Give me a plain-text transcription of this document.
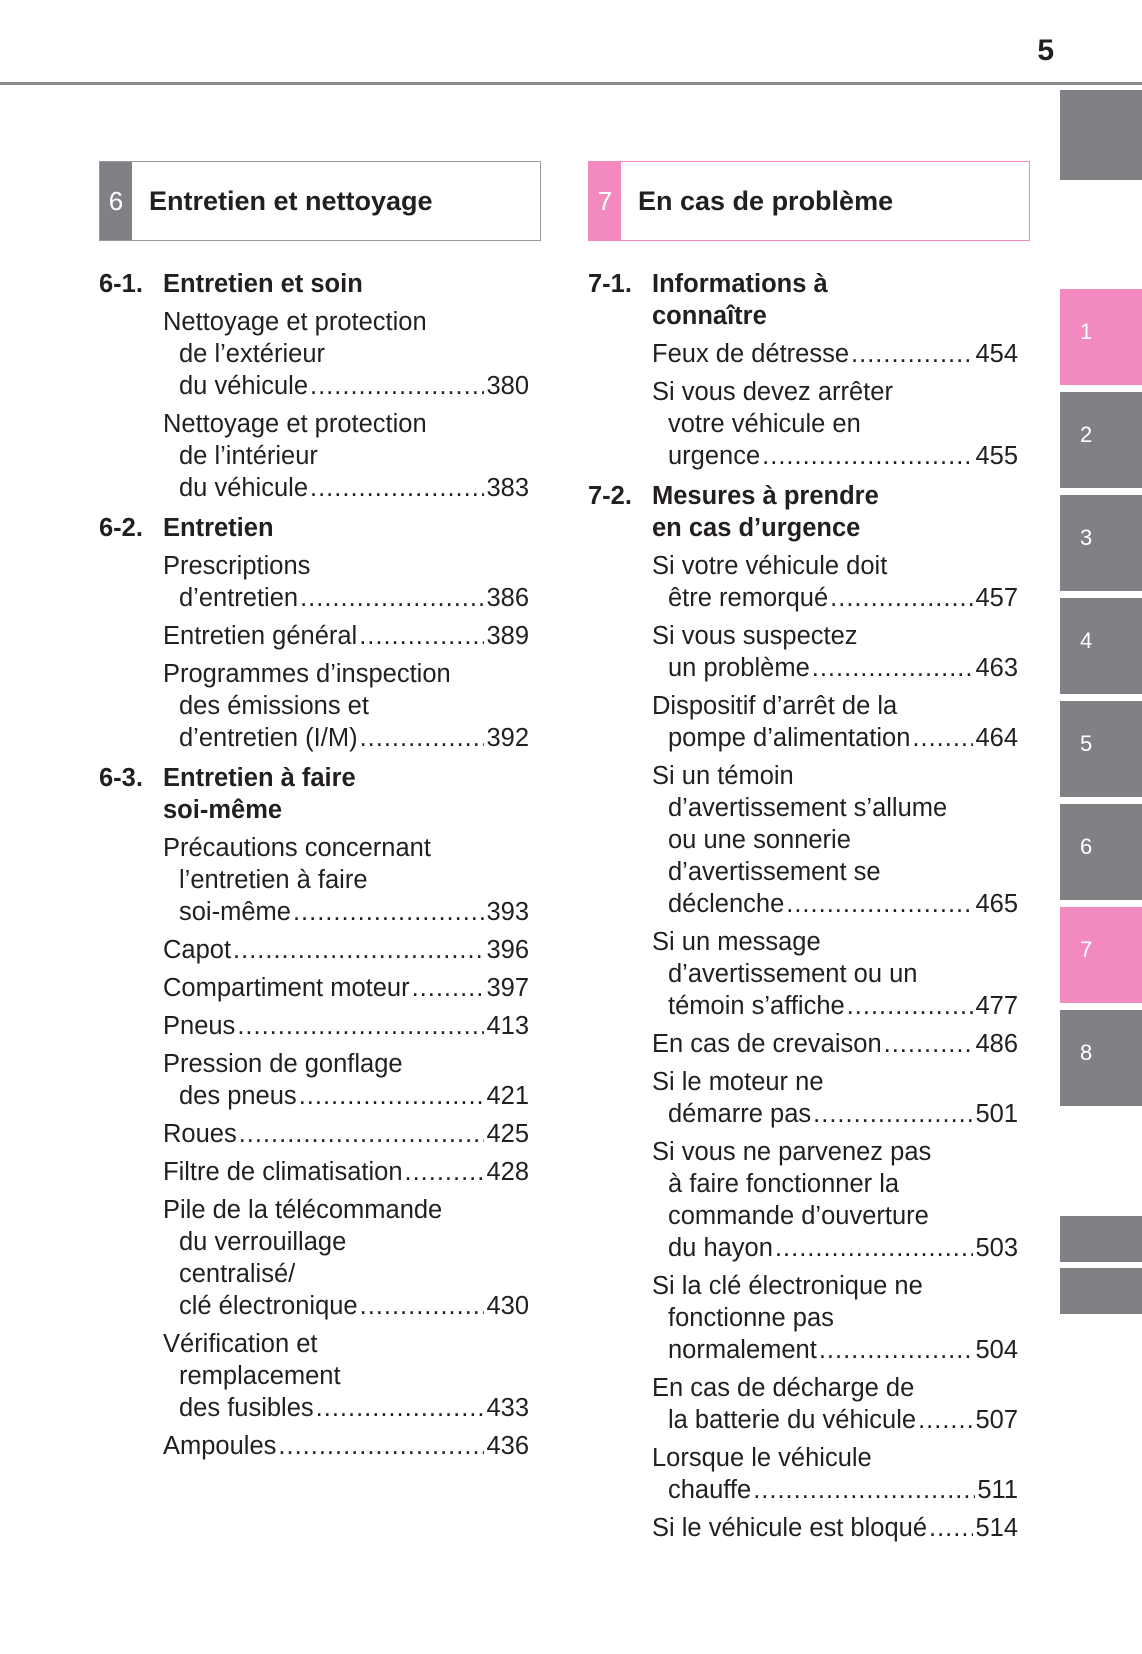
5
1
2
3
4
5
6
7
8
6 Entretien et nettoyage	7 En cas de problème
6-1. Entretien et soin
Nettoyage et protection
de l’extérieur
du véhicule .....	380
Nettoyage et protection
de l’intérieur
du véhicule .....	383
6-2. Entretien
Prescriptions
d’entretien .....	386
Entretien général .....	389
Programmes d’inspection
des émissions et
d’entretien (I/M) .....	392
6-3. Entretien à faire
soi-même
Précautions concernant
l’entretien à faire
soi-même .....	393
Capot .....	396
Compartiment moteur .....	397
Pneus .....	413
Pression de gonflage
des pneus .....	421
Roues .....	425
Filtre de climatisation .....	428
Pile de la télécommande
du verrouillage
centralisé/
clé électronique .....	430
Vérification et
remplacement
des fusibles .....	433
Ampoules .....	436
7-1. Informations à
connaître
Feux de détresse .....	454
Si vous devez arrêter
votre véhicule en
urgence .....	455
7-2. Mesures à prendre
en cas d’urgence
Si votre véhicule doit
être remorqué .....	457
Si vous suspectez
un problème .....	463
Dispositif d’arrêt de la
pompe d’alimentation .....	464
Si un témoin
d’avertissement s’allume
ou une sonnerie
d’avertissement se
déclenche .....	465
Si un message
d’avertissement ou un
témoin s’affiche .....	477
En cas de crevaison .....	486
Si le moteur ne
démarre pas .....	501
Si vous ne parvenez pas
à faire fonctionner la
commande d’ouverture
du hayon .....	503
Si la clé électronique ne
fonctionne pas
normalement .....	504
En cas de décharge de
la batterie du véhicule ..... 507
Lorsque le véhicule
chauffe .....	511
Si le véhicule est bloqué ..... 514
